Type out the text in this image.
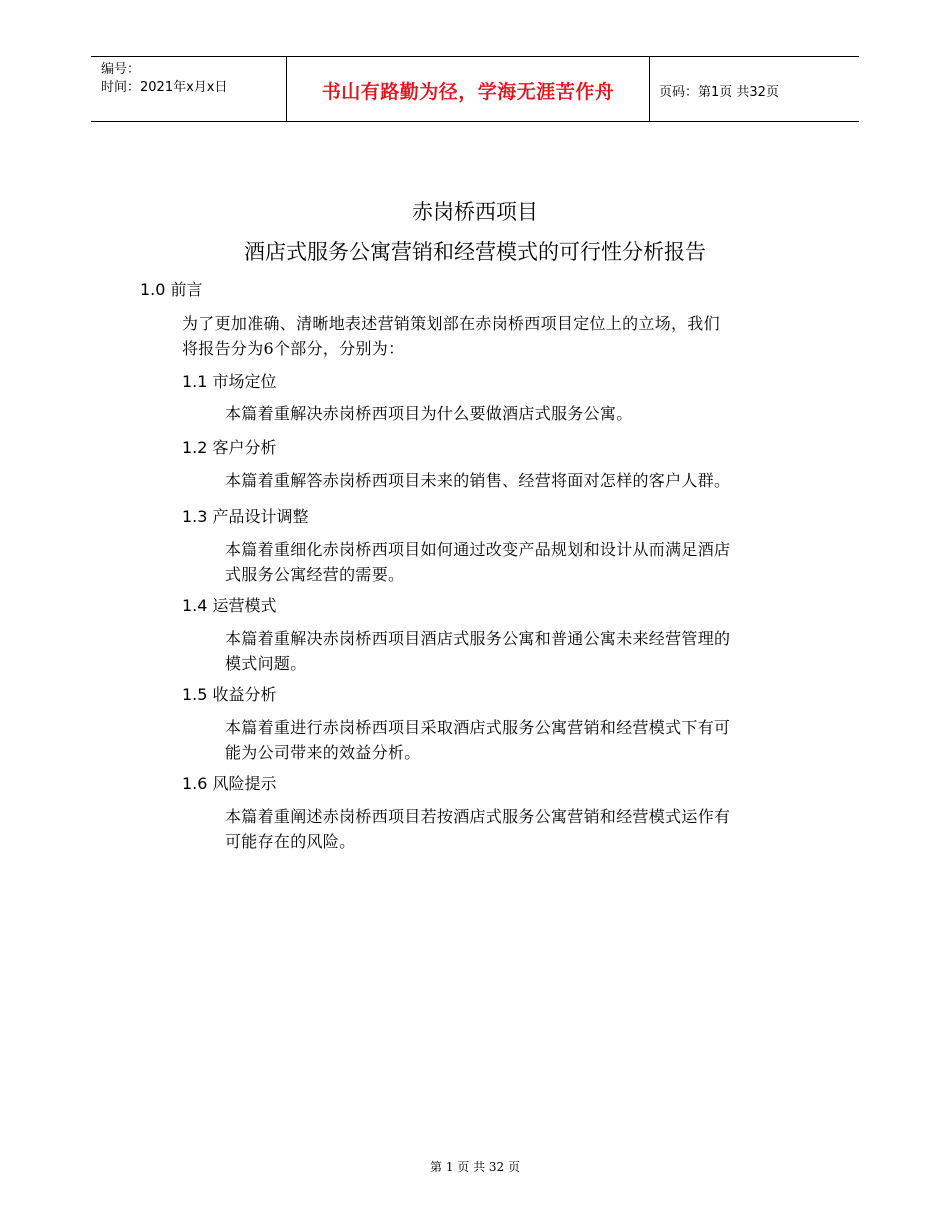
编号：
时间：2021年x月x日	书山有路勤为径，学海无涯苦作舟	页码：第1页 共32页
赤岗桥西项目
酒店式服务公寓营销和经营模式的可行性分析报告
1.0 前言
为了更加准确、清晰地表述营销策划部在赤岗桥西项目定位上的立场，我们
将报告分为6个部分，分别为：
1.1 市场定位
本篇着重解决赤岗桥西项目为什么要做酒店式服务公寓。
1.2 客户分析
本篇着重解答赤岗桥西项目未来的销售、经营将面对怎样的客户人群。
1.3 产品设计调整
本篇着重细化赤岗桥西项目如何通过改变产品规划和设计从而满足酒店
式服务公寓经营的需要。
1.4 运营模式
本篇着重解决赤岗桥西项目酒店式服务公寓和普通公寓未来经营管理的
模式问题。
1.5 收益分析
本篇着重进行赤岗桥西项目采取酒店式服务公寓营销和经营模式下有可
能为公司带来的效益分析。
1.6 风险提示
本篇着重阐述赤岗桥西项目若按酒店式服务公寓营销和经营模式运作有
可能存在的风险。
第 1 页 共 32 页
